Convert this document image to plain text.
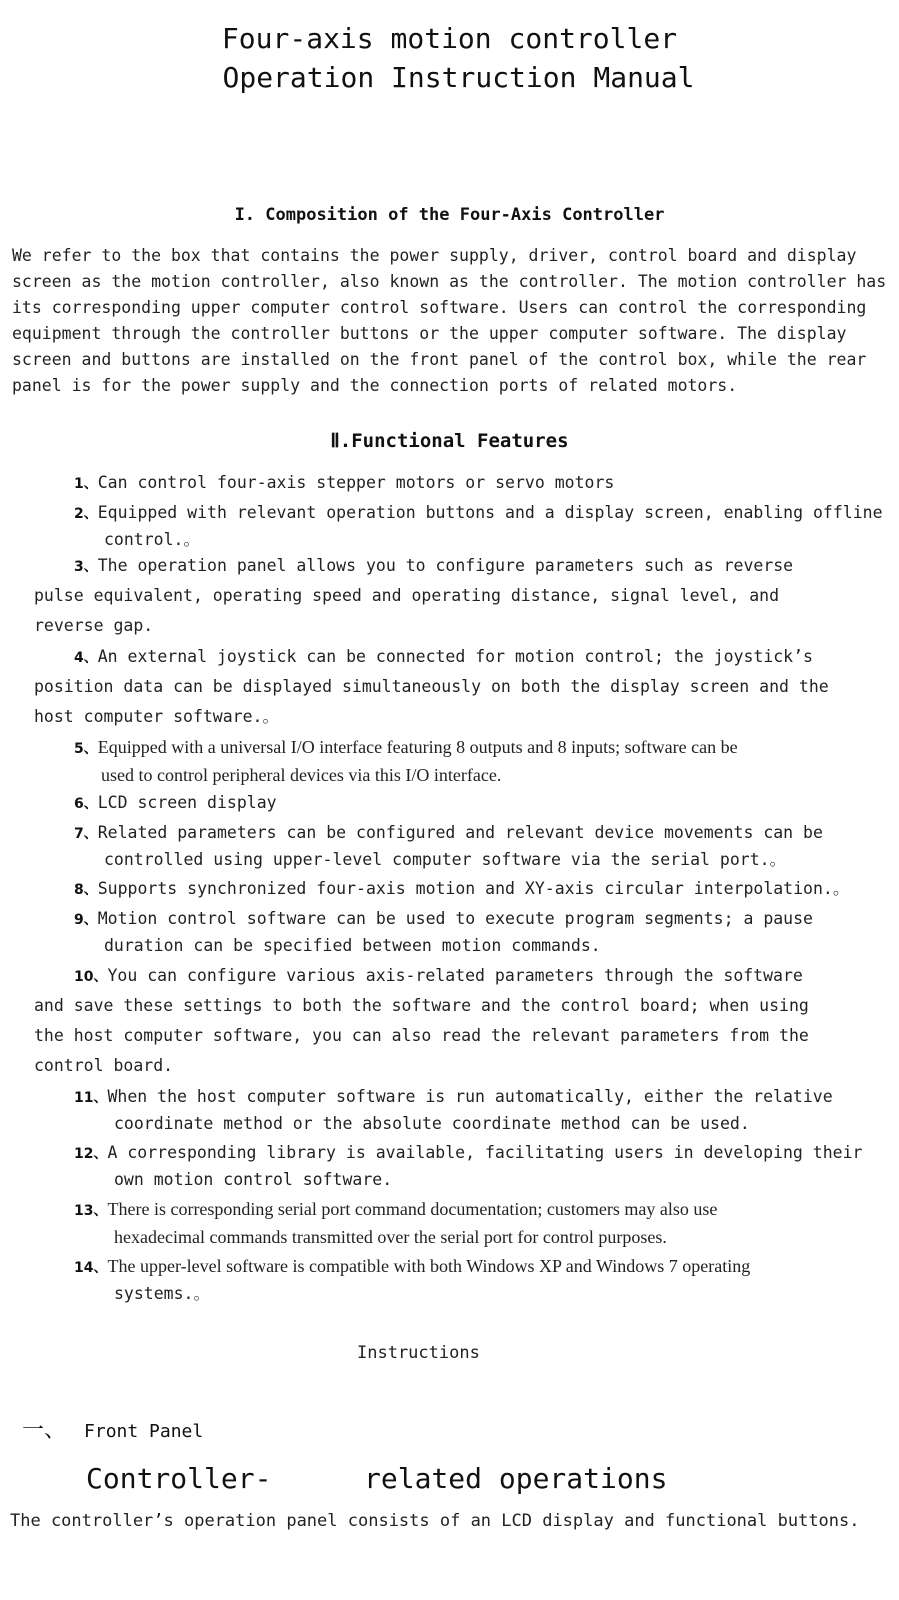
Four-axis motion controller
Operation Instruction Manual
I. Composition of the Four-Axis Controller
We refer to the box that contains the power supply, driver, control board and display
screen as the motion controller, also known as the controller. The motion controller has
its corresponding upper computer control software. Users can control the corresponding
equipment through the controller buttons or the upper computer software. The display
screen and buttons are installed on the front panel of the control box, while the rear
panel is for the power supply and the connection ports of related motors.
Ⅱ.Functional Features
1、Can control four-axis stepper motors or servo motors
2、Equipped with relevant operation buttons and a display screen, enabling offline
control.。
3、The operation panel allows you to configure parameters such as reverse
pulse equivalent, operating speed and operating distance, signal level, and
reverse gap.
4、An external joystick can be connected for motion control; the joystick’s
position data can be displayed simultaneously on both the display screen and the
host computer software.。
5、Equipped with a universal I/O interface featuring 8 outputs and 8 inputs; software can be
used to control peripheral devices via this I/O interface.
6、LCD screen display
7、Related parameters can be configured and relevant device movements can be
controlled using upper-level computer software via the serial port.。
8、Supports synchronized four-axis motion and XY-axis circular interpolation.。
9、Motion control software can be used to execute program segments; a pause
duration can be specified between motion commands.
10、You can configure various axis-related parameters through the software
and save these settings to both the software and the control board; when using
the host computer software, you can also read the relevant parameters from the
control board.
11、When the host computer software is run automatically, either the relative
coordinate method or the absolute coordinate method can be used.
12、A corresponding library is available, facilitating users in developing their
own motion control software.
13、There is corresponding serial port command documentation; customers may also use
hexadecimal commands transmitted over the serial port for control purposes.
14、The upper-level software is compatible with both Windows XP and Windows 7 operating
systems.。
Instructions
一、 Front Panel
Controller-	related operations
The controller’s operation panel consists of an LCD display and functional buttons.
